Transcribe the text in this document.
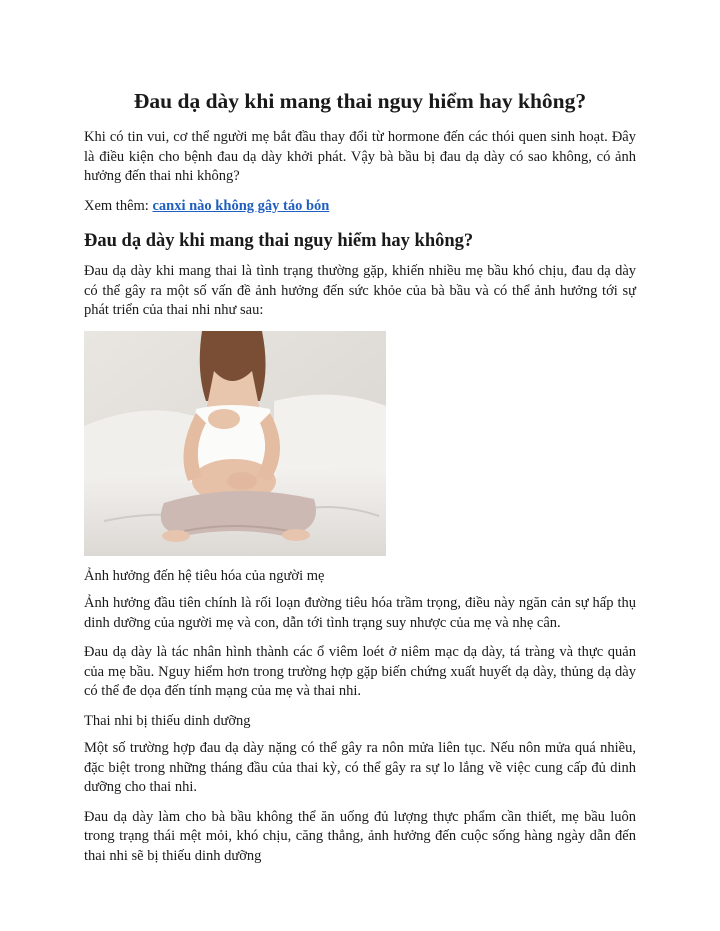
Đau dạ dày khi mang thai nguy hiểm hay không?

Khi có tin vui, cơ thể người mẹ bắt đầu thay đổi từ hormone đến các thói quen sinh hoạt. Đây là điều kiện cho bệnh đau dạ dày khởi phát. Vậy bà bầu bị đau dạ dày có sao không, có ảnh hưởng đến thai nhi không?

Xem thêm: canxi nào không gây táo bón

Đau dạ dày khi mang thai nguy hiểm hay không?

Đau dạ dày khi mang thai là tình trạng thường gặp, khiến nhiều mẹ bầu khó chịu, đau dạ dày có thể gây ra một số vấn đề ảnh hưởng đến sức khỏe của bà bầu và có thể ảnh hưởng tới sự phát triển của thai nhi như sau:

Ảnh hưởng đến hệ tiêu hóa của người mẹ

Ảnh hưởng đầu tiên chính là rối loạn đường tiêu hóa trầm trọng, điều này ngăn cản sự hấp thụ dinh dưỡng của người mẹ và con, dẫn tới tình trạng suy nhược của mẹ và nhẹ cân.

Đau dạ dày là tác nhân hình thành các ổ viêm loét ở niêm mạc dạ dày, tá tràng và thực quản của mẹ bầu. Nguy hiểm hơn trong trường hợp gặp biến chứng xuất huyết dạ dày, thủng dạ dày có thể đe dọa đến tính mạng của mẹ và thai nhi.

Thai nhi bị thiếu dinh dưỡng

Một số trường hợp đau dạ dày nặng có thể gây ra nôn mửa liên tục. Nếu nôn mửa quá nhiều, đặc biệt trong những tháng đầu của thai kỳ, có thể gây ra sự lo lắng về việc cung cấp đủ dinh dưỡng cho thai nhi.

Đau dạ dày làm cho bà bầu không thể ăn uống đủ lượng thực phẩm cần thiết, mẹ bầu luôn trong trạng thái mệt mỏi, khó chịu, căng thẳng, ảnh hưởng đến cuộc sống hàng ngày dẫn đến thai nhi sẽ bị thiếu dinh dưỡng
